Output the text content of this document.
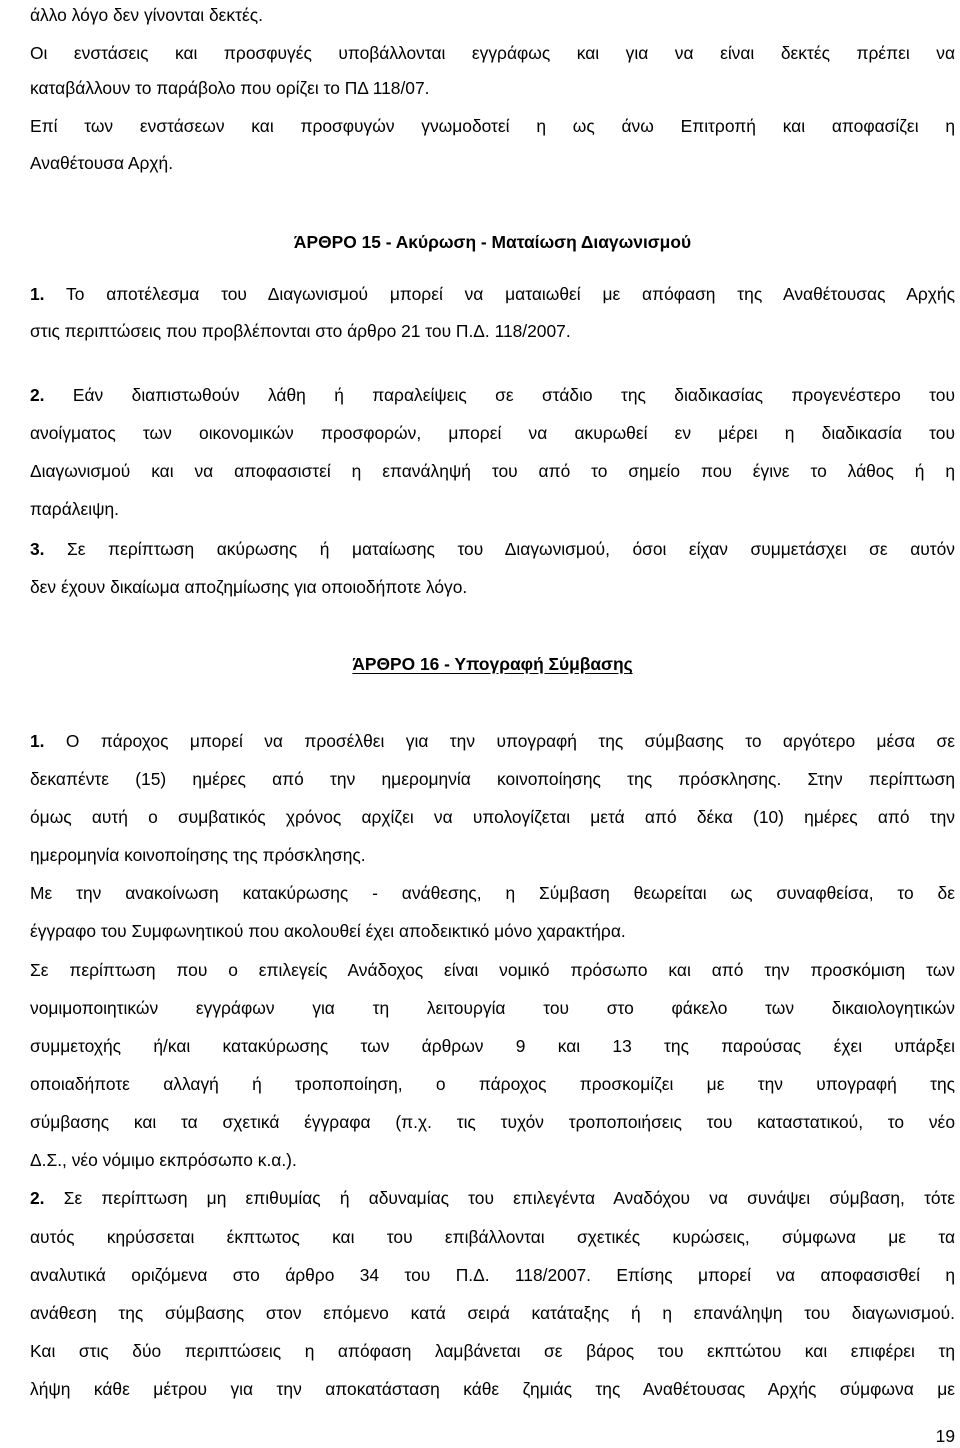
άλλο λόγο δεν γίνονται δεκτές.
Οι ενστάσεις και προσφυγές υποβάλλονται εγγράφως και για να είναι δεκτές πρέπει να
καταβάλλουν το παράβολο που ορίζει το ΠΔ 118/07.
Επί των ενστάσεων και προσφυγών γνωμοδοτεί η ως άνω Επιτροπή και αποφασίζει η
Αναθέτουσα Αρχή.
ΆΡΘΡΟ 15 - Ακύρωση - Ματαίωση Διαγωνισμού
1. Το αποτέλεσμα του Διαγωνισμού μπορεί να ματαιωθεί με απόφαση της Αναθέτουσας Αρχής
στις περιπτώσεις που προβλέπονται στο άρθρο 21 του Π.Δ. 118/2007.
2. Εάν διαπιστωθούν λάθη ή παραλείψεις σε στάδιο της διαδικασίας προγενέστερο του
ανοίγματος των οικονομικών προσφορών, μπορεί να ακυρωθεί εν μέρει η διαδικασία του
Διαγωνισμού και να αποφασιστεί η επανάληψή του από το σημείο που έγινε το λάθος ή η
παράλειψη.
3. Σε περίπτωση ακύρωσης ή ματαίωσης του Διαγωνισμού, όσοι είχαν συμμετάσχει σε αυτόν
δεν έχουν δικαίωμα αποζημίωσης για οποιοδήποτε λόγο.
ΆΡΘΡΟ 16 - Υπογραφή Σύμβασης
1. Ο πάροχος μπορεί να προσέλθει για την υπογραφή της σύμβασης το αργότερο μέσα σε
δεκαπέντε (15) ημέρες από την ημερομηνία κοινοποίησης της πρόσκλησης. Στην περίπτωση
όμως αυτή ο συμβατικός χρόνος αρχίζει να υπολογίζεται μετά από δέκα (10) ημέρες από την
ημερομηνία κοινοποίησης της πρόσκλησης.
Με την ανακοίνωση κατακύρωσης - ανάθεσης, η Σύμβαση θεωρείται ως συναφθείσα, το δε
έγγραφο του Συμφωνητικού που ακολουθεί έχει αποδεικτικό μόνο χαρακτήρα.
Σε περίπτωση που ο επιλεγείς Ανάδοχος είναι νομικό πρόσωπο και από την προσκόμιση των
νομιμοποιητικών εγγράφων για τη λειτουργία του στο φάκελο των δικαιολογητικών
συμμετοχής ή/και κατακύρωσης των άρθρων 9 και 13 της παρούσας έχει υπάρξει
οποιαδήποτε αλλαγή ή τροποποίηση, ο πάροχος προσκομίζει με την υπογραφή της
σύμβασης και τα σχετικά έγγραφα (π.χ. τις τυχόν τροποποιήσεις του καταστατικού, το νέο
Δ.Σ., νέο νόμιμο εκπρόσωπο κ.α.).
2. Σε περίπτωση μη επιθυμίας ή αδυναμίας του επιλεγέντα Αναδόχου να συνάψει σύμβαση, τότε
αυτός κηρύσσεται έκπτωτος και του επιβάλλονται σχετικές κυρώσεις, σύμφωνα με τα
αναλυτικά οριζόμενα στο άρθρο 34 του Π.Δ. 118/2007. Επίσης μπορεί να αποφασισθεί η
ανάθεση της σύμβασης στον επόμενο κατά σειρά κατάταξης ή η επανάληψη του διαγωνισμού.
Και στις δύο περιπτώσεις η απόφαση λαμβάνεται σε βάρος του εκπτώτου και επιφέρει τη
λήψη κάθε μέτρου για την αποκατάσταση κάθε ζημιάς της Αναθέτουσας Αρχής σύμφωνα με
19
